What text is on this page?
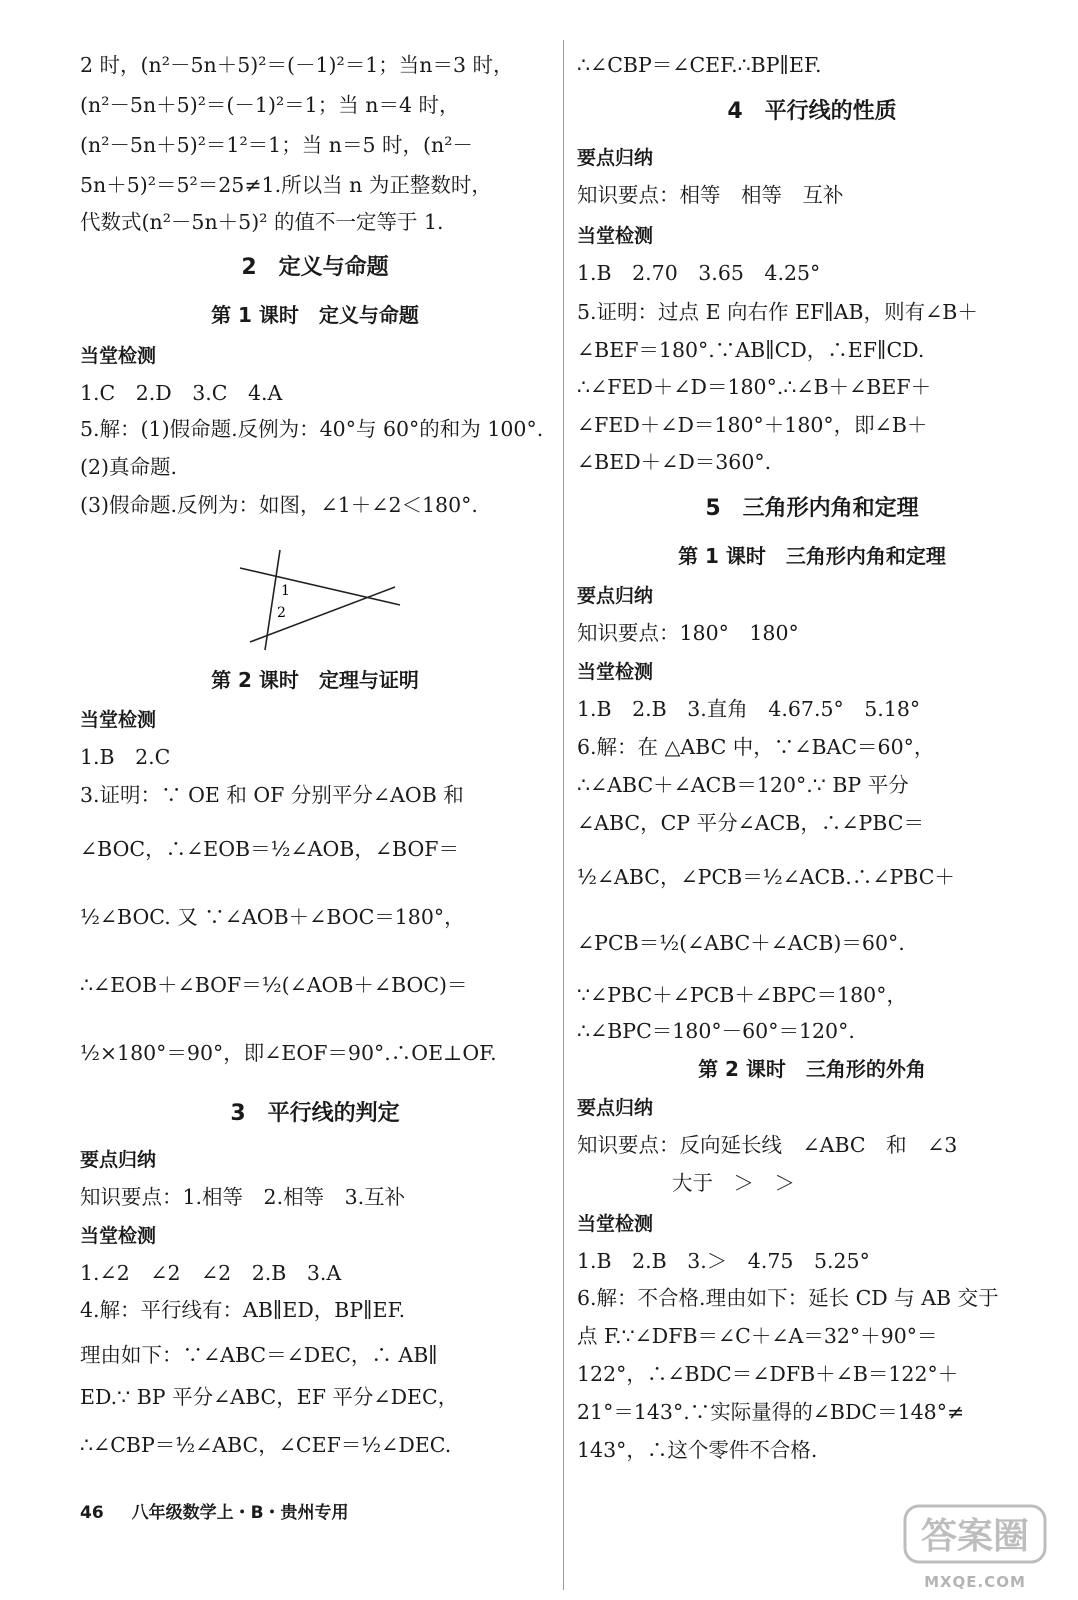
2 时，(n²－5n＋5)²＝(－1)²＝1；当n＝3 时，
(n²－5n＋5)²＝(－1)²＝1；当 n＝4 时，
(n²－5n＋5)²＝1²＝1；当 n＝5 时，(n²－
5n＋5)²＝5²＝25≠1.所以当 n 为正整数时，
代数式(n²－5n＋5)² 的值不一定等于 1.
2　定义与命题
第 1 课时　定义与命题
当堂检测
1.C　2.D　3.C　4.A
5.解：(1)假命题.反例为：40°与 60°的和为 100°.
(2)真命题.
(3)假命题.反例为：如图，∠1＋∠2＜180°.
1
2
第 2 课时　定理与证明
当堂检测
1.B　2.C
3.证明：∵ OE 和 OF 分别平分∠AOB 和
∠BOC，∴∠EOB＝½∠AOB，∠BOF＝
½∠BOC. 又 ∵∠AOB＋∠BOC＝180°，
∴∠EOB＋∠BOF＝½(∠AOB＋∠BOC)＝
½×180°＝90°，即∠EOF＝90°.∴OE⊥OF.
3　平行线的判定
要点归纳
知识要点：1.相等　2.相等　3.互补
当堂检测
1.∠2　∠2　∠2　2.B　3.A
4.解：平行线有：AB∥ED，BP∥EF.
理由如下：∵∠ABC＝∠DEC，∴ AB∥
ED.∵ BP 平分∠ABC，EF 平分∠DEC，
∴∠CBP＝½∠ABC，∠CEF＝½∠DEC.
∴∠CBP＝∠CEF.∴BP∥EF.
4　平行线的性质
要点归纳
知识要点：相等　相等　互补
当堂检测
1.B　2.70　3.65　4.25°
5.证明：过点 E 向右作 EF∥AB，则有∠B＋
∠BEF＝180°.∵AB∥CD，∴EF∥CD.
∴∠FED＋∠D＝180°.∴∠B＋∠BEF＋
∠FED＋∠D＝180°＋180°，即∠B＋
∠BED＋∠D＝360°.
5　三角形内角和定理
第 1 课时　三角形内角和定理
要点归纳
知识要点：180°　180°
当堂检测
1.B　2.B　3.直角　4.67.5°　5.18°
6.解：在 △ABC 中，∵∠BAC＝60°，
∴∠ABC＋∠ACB＝120°.∵ BP 平分
∠ABC，CP 平分∠ACB，∴∠PBC＝
½∠ABC，∠PCB＝½∠ACB.∴∠PBC＋
∠PCB＝½(∠ABC＋∠ACB)＝60°.
∵∠PBC＋∠PCB＋∠BPC＝180°，
∴∠BPC＝180°－60°＝120°.
第 2 课时　三角形的外角
要点归纳
知识要点：反向延长线　∠ABC　和　∠3
大于　＞　＞
当堂检测
1.B　2.B　3.＞　4.75　5.25°
6.解：不合格.理由如下：延长 CD 与 AB 交于
点 F.∵∠DFB＝∠C＋∠A＝32°＋90°＝
122°，∴∠BDC＝∠DFB＋∠B＝122°＋
21°＝143°.∵实际量得的∠BDC＝148°≠
143°，∴这个零件不合格.
46 八年级数学上・B・贵州专用
答案圈
MXQE.COM
